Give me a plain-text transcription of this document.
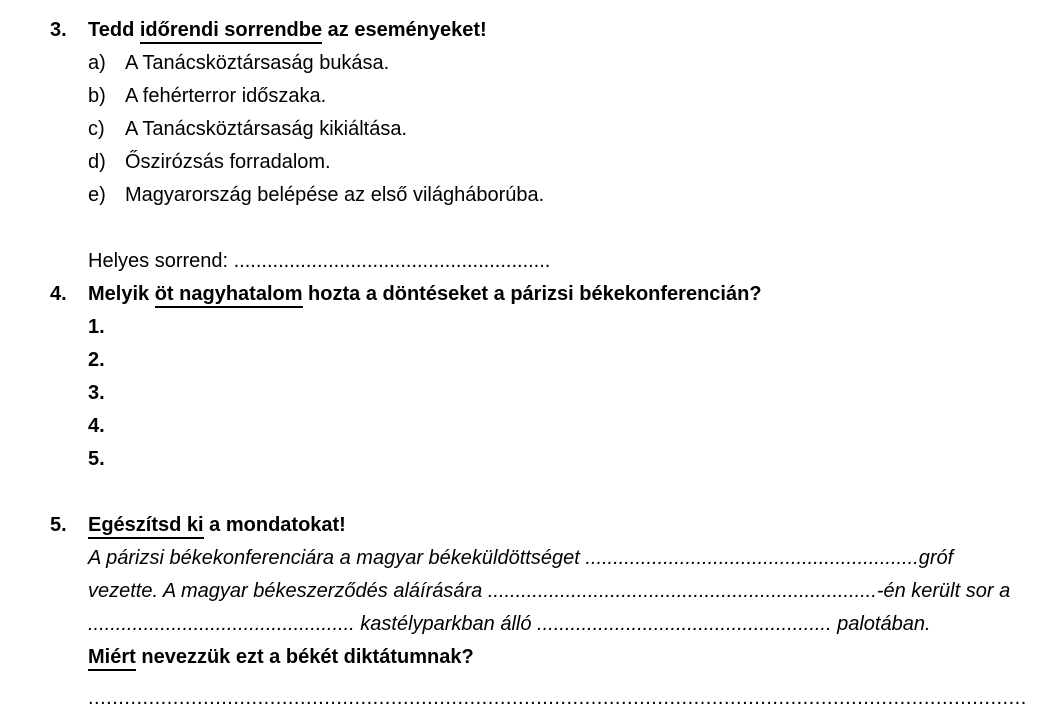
3. Tedd időrendi sorrendbe az eseményeket!
a) A Tanácsköztársaság bukása.
b) A fehérterror időszaka.
c) A Tanácsköztársaság kikiáltása.
d) Őszirózsás forradalom.
e) Magyarország belépése az első világháborúba.
Helyes sorrend: .........................................................
4. Melyik öt nagyhatalom hozta a döntéseket a párizsi békekonferencián?
1.
2.
3.
4.
5.
5. Egészítsd ki a mondatokat!
A párizsi békekonferenciára a magyar békeküldöttséget ............................................................gróf
vezette. A magyar békeszerződés aláírására ......................................................................-én került sor a
................................................ kastélyparkban álló ..................................................... palotában.
Miért nevezzük ezt a békét diktátumnak?
...........................................................................................................................................................
